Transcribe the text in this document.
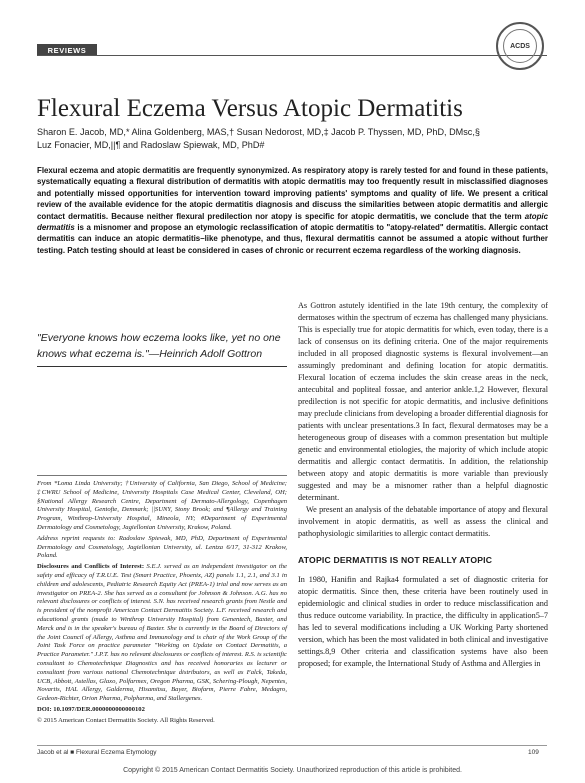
REVIEWS	ACDS
Flexural Eczema Versus Atopic Dermatitis
Sharon E. Jacob, MD,* Alina Goldenberg, MAS,† Susan Nedorost, MD,‡ Jacob P. Thyssen, MD, PhD, DMsc,§
Luz Fonacier, MD,||¶ and Radoslaw Spiewak, MD, PhD#
Flexural eczema and atopic dermatitis are frequently synonymized. As respiratory atopy is rarely tested for and found in these patients, systematically equating a flexural distribution of dermatitis with atopic dermatitis may too frequently result in misclassified diagnoses and potentially missed opportunities for intervention toward improving patients' symptoms and quality of life. We present a critical review of the available evidence for the atopic dermatitis diagnosis and discuss the similarities between atopic dermatitis and allergic contact dermatitis. Because neither flexural predilection nor atopy is specific for atopic dermatitis, we conclude that the term atopic dermatitis is a misnomer and propose an etymologic reclassification of atopic dermatitis to "atopy-related" dermatitis. Allergic contact dermatitis can induce an atopic dermatitis–like phenotype, and thus, flexural dermatitis cannot be assumed a atopic without further testing. Patch testing should at least be considered in cases of chronic or recurrent eczema regardless of the working diagnosis.
"Everyone knows how eczema looks like, yet no one knows what eczema is."—Heinrich Adolf Gottron

From *Loma Linda University; †University of California, San Diego, School of Medicine; ‡CWRU School of Medicine, University Hospitals Case Medical Center, Cleveland, OH; §National Allergy Research Centre, Department of Dermato-Allergology, Copenhagen University Hospital, Gentofte, Denmark; ||SUNY, Stony Brook; and ¶Allergy and Training Program, Winthrop-University Hospital, Mineola, NY; #Department of Experimental Dermatology and Cosmetology, Jagiellonian University, Krakow, Poland.

Address reprint requests to: Radoslaw Spiewak, MD, PhD, Department of Experimental Dermatology and Cosmetology, Jagiellonian University, ul. Lentza 6/17, 31-312 Krakow, Poland.

Disclosures and Conflicts of Interest: S.E.J. served as an independent investigator on the safety and efficacy of T.R.U.E. Test (Smart Practice, Phoenix, AZ) panels 1.1, 2.1, and 3.1 in children and adolescents, Pediatric Research Equity Act (PREA-1) trial and now serves as an investigator on PREA-2. She has served as a consultant for Johnson & Johnson. A.G. has no relevant disclosures or conflicts of interest. S.N. has received research grants from Nestle and is president of the nonprofit American Contact Dermatitis Society. L.F. received research and educational grants (made to Winthrop University Hospital) from Genentech, Baxter, and Merck and is in the speaker's bureau of Baxter. She is currently in the Board of Directors of the Joint Council of Allergy, Asthma and Immunology and is chair of the Work Group of the Joint Task Force on practice parameter "Working on Update on Contact Dermatitis, a Practice Parameter." J.P.T. has no relevant disclosures or conflicts of interest. R.S. is scientific consultant to Chemotechnique Diagnostics and has received honoraries as lecturer or consultant from various national Chemotechnique distributors, as well as Falck, Takeda, UCB, Abbott, Astellas, Glaxo, Polfarmex, Oregon Pharma, GSK, Schering-Plough, Nepentes, Novartis, HAL Allergy, Galderma, Hisamitsu, Bayer, Biofarm, Pierre Fabre, Medagro, Gedeon-Richter, Orion Pharma, Polpharma, and Stallergenes.

DOI: 10.1097/DER.0000000000000102

© 2015 American Contact Dermatitis Society. All Rights Reserved.

As Gottron astutely identified in the late 19th century, the complexity of dermatoses within the spectrum of eczema has challenged many physicians. This is especially true for atopic dermatitis for which, even today, there is a lack of consensus on its defining criteria. One of the major requirements included in all proposed diagnostic systems is flexural involvement—an assumingly predominant and defining location for atopic dermatitis. Flexural location of eczema includes the skin crease areas in the neck, antecubital and popliteal fossae, and anterior ankle.1,2 However, flexural predilection is not specific for atopic dermatitis, and inclusive definitions may preclude clinicians from developing a broader differential diagnosis for patients with unclear presentations.3 In fact, flexural dermatoses may be a heterogeneous group of diseases with a common presentation but multiple genetic and environmental etiologies, the majority of which include atopic dermatitis and allergic contact dermatitis. In addition, the relationship between atopy and atopic dermatitis is more variable than previously suggested and may be a misnomer rather than a helpful diagnostic determinant.

We present an analysis of the debatable importance of atopy and flexural involvement in atopic dermatitis, as well as assess the clinical and pathophysiologic similarities to allergic contact dermatitis.

ATOPIC DERMATITIS IS NOT REALLY ATOPIC

In 1980, Hanifin and Rajka4 formulated a set of diagnostic criteria for atopic dermatitis. Since then, these criteria have been routinely used in epidemiologic and clinical studies in order to reduce misclassification and thus reduce outcome variability. In practice, the difficulty in application5–7 has led to several modifications including a UK Working Party shortened version, which has been the most validated in both clinical and investigative settings.8,9 Other criteria and classification systems have also been proposed; for example, the International Study of Asthma and Allergies in

Jacob et al ■ Flexural Eczema Etymology	109
Copyright © 2015 American Contact Dermatitis Society. Unauthorized reproduction of this article is prohibited.
